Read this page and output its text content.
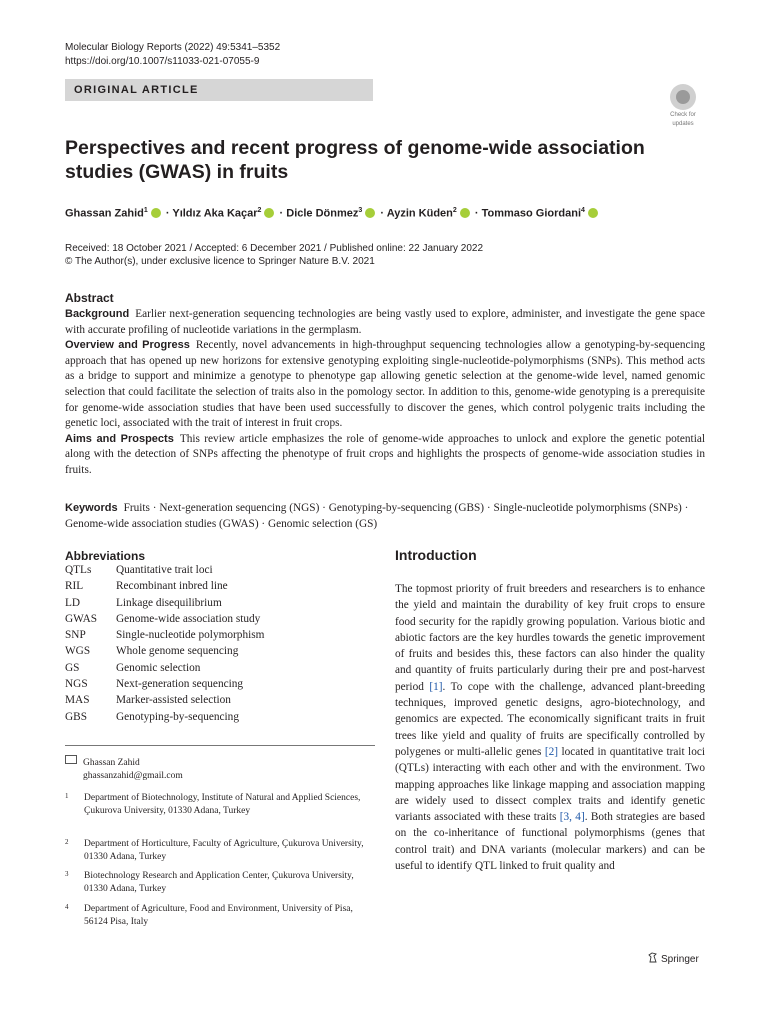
Molecular Biology Reports (2022) 49:5341–5352
https://doi.org/10.1007/s11033-021-07055-9
ORIGINAL ARTICLE
Check for
updates
Perspectives and recent progress of genome-wide association studies (GWAS) in fruits
Ghassan Zahid$^1$ · Yıldız Aka Kaçar$^2$ · Dicle Dönmez$^3$ · Ayzin Küden$^2$ · Tommaso Giordani$^4$
Received: 18 October 2021 / Accepted: 6 December 2021 / Published online: 22 January 2022
© The Author(s), under exclusive licence to Springer Nature B.V. 2021
Abstract
Background Earlier next-generation sequencing technologies are being vastly used to explore, administer, and investigate the gene space with accurate profiling of nucleotide variations in the germplasm.
Overview and Progress Recently, novel advancements in high-throughput sequencing technologies allow a genotyping-by-sequencing approach that has opened up new horizons for extensive genotyping exploiting single-nucleotide-polymorphisms (SNPs). This method acts as a bridge to support and minimize a genotype to phenotype gap allowing genetic selection at the genome-wide level, named genomic selection that could facilitate the selection of traits also in the pomology sector. In addition to this, genome-wide genotyping is a prerequisite for genome-wide association studies that have been used successfully to discover the genes, which control polygenic traits including the genetic loci, associated with the trait of interest in fruit crops.
Aims and Prospects This review article emphasizes the role of genome-wide approaches to unlock and explore the genetic potential along with the detection of SNPs affecting the phenotype of fruit crops and highlights the prospects of genome-wide association studies in fruits.
Keywords Fruits · Next-generation sequencing (NGS) · Genotyping-by-sequencing (GBS) · Single-nucleotide polymorphisms (SNPs) · Genome-wide association studies (GWAS) · Genomic selection (GS)
Abbreviations
QTLs	Quantitative trait loci
RIL	Recombinant inbred line
LD	Linkage disequilibrium
GWAS	Genome-wide association study
SNP	Single-nucleotide polymorphism
WGS	Whole genome sequencing
GS	Genomic selection
NGS	Next-generation sequencing
MAS	Marker-assisted selection
GBS	Genotyping-by-sequencing
Ghassan Zahid
ghassanzahid@gmail.com
1 Department of Biotechnology, Institute of Natural and Applied Sciences, Çukurova University, 01330 Adana, Turkey
2 Department of Horticulture, Faculty of Agriculture, Çukurova University, 01330 Adana, Turkey
3 Biotechnology Research and Application Center, Çukurova University, 01330 Adana, Turkey
4 Department of Agriculture, Food and Environment, University of Pisa, 56124 Pisa, Italy
Introduction
The topmost priority of fruit breeders and researchers is to enhance the yield and maintain the durability of key fruit crops to ensure food security for the rapidly growing population. Various biotic and abiotic factors are the key hurdles towards the genetic improvement of fruits and besides this, these factors can also hinder the quality and quantity of fruits particularly during their pre and post-harvest period [1]. To cope with the challenge, advanced plant-breeding techniques, improved genetic designs, agro-biotechnology, and genomics are expected. The economically significant traits in fruit trees like yield and quality of fruits are specifically controlled by polygenes or multi-allelic genes [2] located in quantitative trait loci (QTLs) interacting with each other and with the environment. Two mapping approaches like linkage mapping and association mapping are widely used to dissect complex traits and identify genetic variants associated with these traits [3, 4]. Both strategies are based on the co-inheritance of functional polymorphisms (genes that control trait) and DNA variants (molecular markers) and can be useful to identify QTL linked to fruit quality and
Springer
